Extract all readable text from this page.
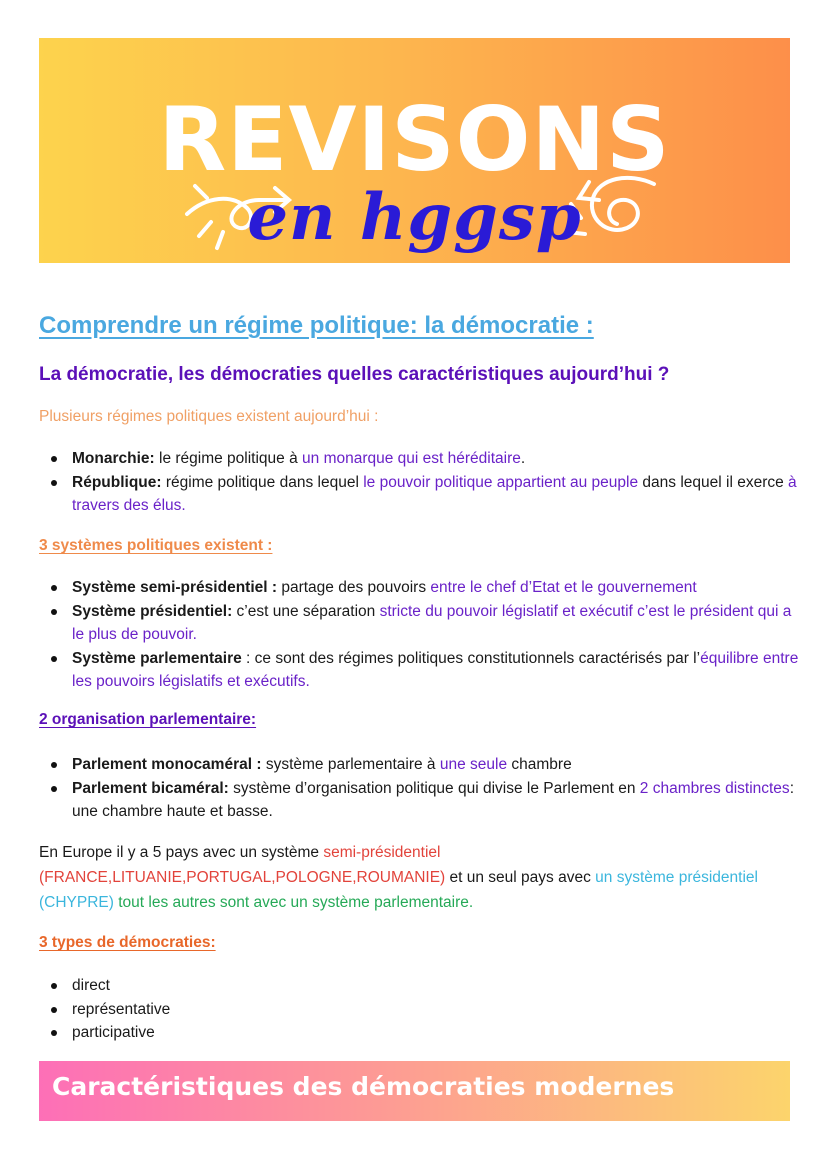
REVISONS
en hggsp
Comprendre un régime politique: la démocratie :
La démocratie, les démocraties quelles caractéristiques aujourd’hui ?
Plusieurs régimes politiques existent aujourd’hui :
Monarchie: le régime politique à un monarque qui est héréditaire.
République: régime politique dans lequel le pouvoir politique appartient au peuple dans lequel il exerce à travers des élus.
3 systèmes politiques existent :
Système semi-présidentiel : partage des pouvoirs entre le chef d’Etat et le gouvernement
Système présidentiel: c’est une séparation stricte du pouvoir législatif et exécutif c’est le président qui a le plus de pouvoir.
Système parlementaire : ce sont des régimes politiques constitutionnels caractérisés par l’équilibre entre les pouvoirs législatifs et exécutifs.
2 organisation parlementaire:
Parlement monocaméral : système parlementaire à une seule chambre
Parlement bicaméral: système d’organisation politique qui divise le Parlement en 2 chambres distinctes: une chambre haute et basse.
En Europe il y a 5 pays avec un système semi-présidentiel (FRANCE,LITUANIE,PORTUGAL,POLOGNE,ROUMANIE) et un seul pays avec un système présidentiel (CHYPRE) tout les autres sont avec un système parlementaire.
3 types de démocraties:
direct
représentative
participative
Caractéristiques des démocraties modernes
